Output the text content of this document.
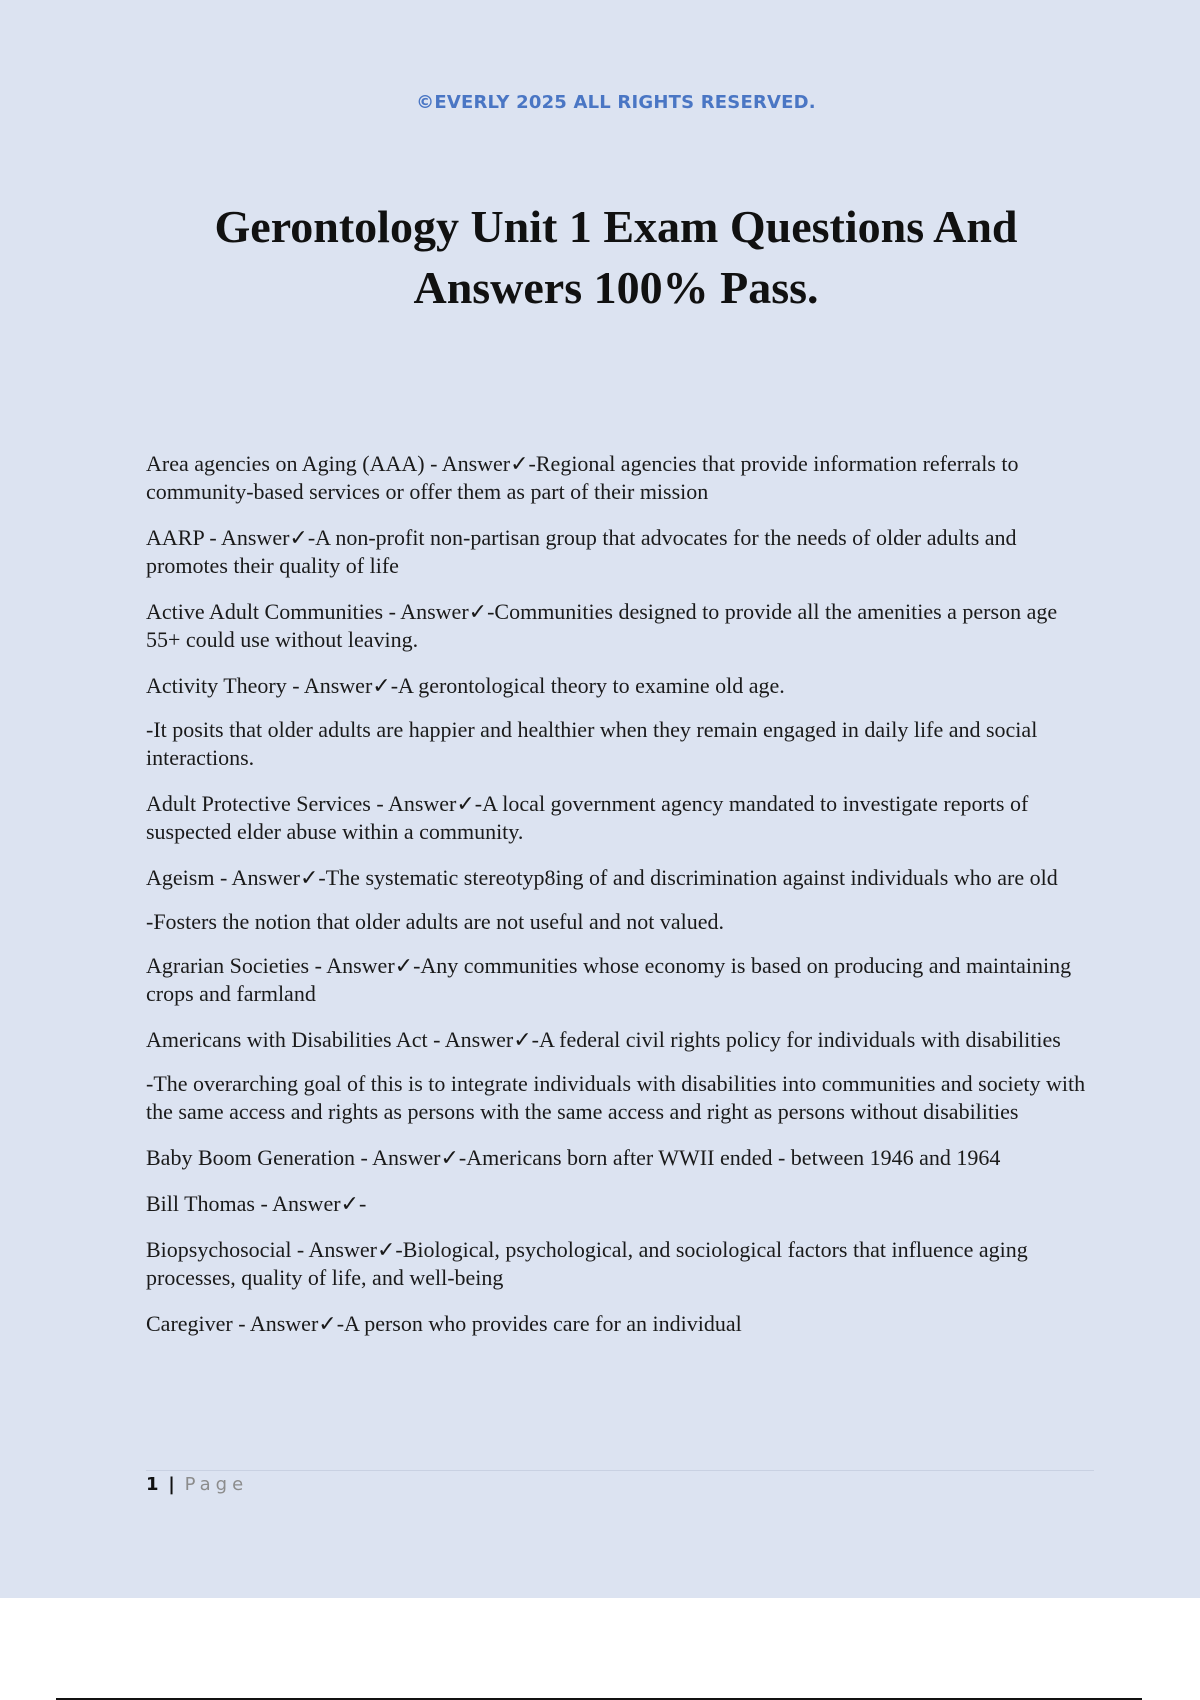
©EVERLY 2025 ALL RIGHTS RESERVED.
Gerontology Unit 1 Exam Questions And Answers 100% Pass.

Area agencies on Aging (AAA) - Answer✓-Regional agencies that provide information referrals to community-based services or offer them as part of their mission

AARP - Answer✓-A non-profit non-partisan group that advocates for the needs of older adults and promotes their quality of life

Active Adult Communities - Answer✓-Communities designed to provide all the amenities a person age 55+ could use without leaving.

Activity Theory - Answer✓-A gerontological theory to examine old age.

-It posits that older adults are happier and healthier when they remain engaged in daily life and social interactions.

Adult Protective Services - Answer✓-A local government agency mandated to investigate reports of suspected elder abuse within a community.

Ageism - Answer✓-The systematic stereotyp8ing of and discrimination against individuals who are old

-Fosters the notion that older adults are not useful and not valued.

Agrarian Societies - Answer✓-Any communities whose economy is based on producing and maintaining crops and farmland

Americans with Disabilities Act - Answer✓-A federal civil rights policy for individuals with disabilities

-The overarching goal of this is to integrate individuals with disabilities into communities and society with the same access and rights as persons with the same access and right as persons without disabilities

Baby Boom Generation - Answer✓-Americans born after WWII ended - between 1946 and 1964

Bill Thomas - Answer✓-

Biopsychosocial - Answer✓-Biological, psychological, and sociological factors that influence aging processes, quality of life, and well-being

Caregiver - Answer✓-A person who provides care for an individual

1 | Page
